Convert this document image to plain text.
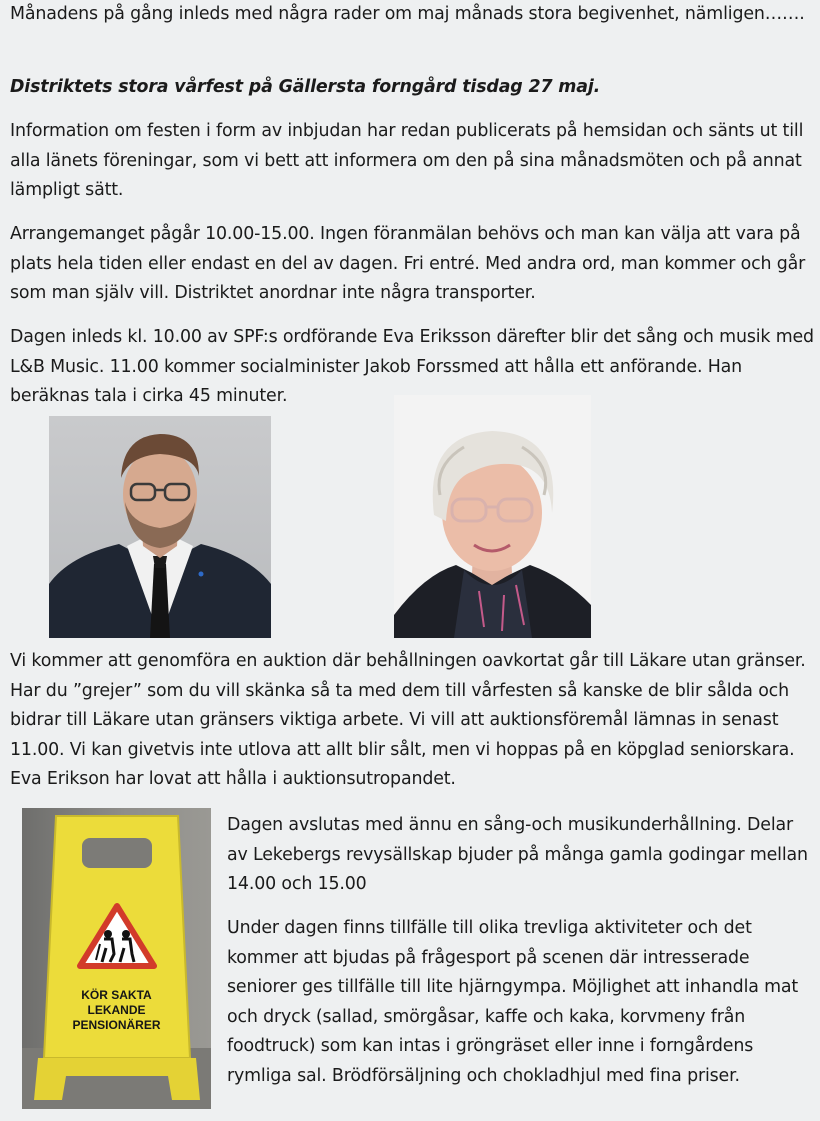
Månadens på gång inleds med några rader om maj månads stora begivenhet, nämligen…….

Distriktets stora vårfest på Gällersta forngård tisdag 27 maj.

Information om festen i form av inbjudan har redan publicerats på hemsidan och sänts ut till alla länets föreningar, som vi bett att informera om den på sina månadsmöten och på annat lämpligt sätt.

Arrangemanget pågår 10.00-15.00. Ingen föranmälan behövs och man kan välja att vara på plats hela tiden eller endast en del av dagen. Fri entré. Med andra ord, man kommer och går som man själv vill. Distriktet anordnar inte några transporter.

Dagen inleds kl. 10.00 av SPF:s ordförande Eva Eriksson därefter blir det sång och musik med L&B Music. 11.00 kommer socialminister Jakob Forssmed att hålla ett anförande. Han beräknas tala i cirka 45 minuter.

Vi kommer att genomföra en auktion där behållningen oavkortat går till Läkare utan gränser. Har du ”grejer” som du vill skänka så ta med dem till vårfesten så kanske de blir sålda och bidrar till Läkare utan gränsers viktiga arbete. Vi vill att auktionsföremål lämnas in senast 11.00. Vi kan givetvis inte utlova att allt blir sålt, men vi hoppas på en köpglad seniorskara. Eva Erikson har lovat att hålla i auktionsutropandet.

KÖR SAKTA
LEKANDE
PENSIONÄRER

Dagen avslutas med ännu en sång-och musikunderhållning. Delar av Lekebergs revysällskap bjuder på många gamla godingar mellan 14.00 och 15.00

Under dagen finns tillfälle till olika trevliga aktiviteter och det kommer att bjudas på frågesport på scenen där intresserade seniorer ges tillfälle till lite hjärngympa. Möjlighet att inhandla mat och dryck (sallad, smörgåsar, kaffe och kaka, korvmeny från foodtruck) som kan intas i gröngräset eller inne i forngårdens rymliga sal. Brödförsäljning och chokladhjul med fina priser.
